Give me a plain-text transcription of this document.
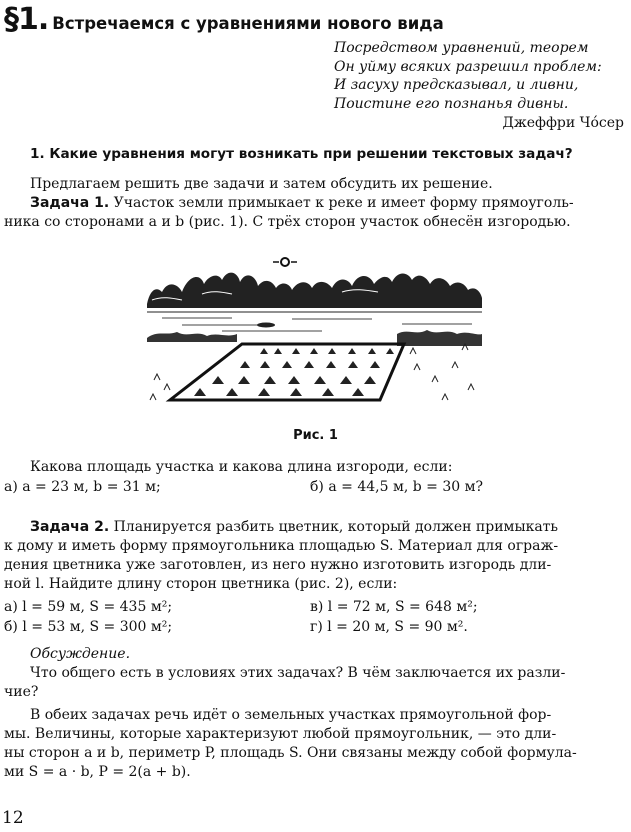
§1. Встречаемся с уравнениями нового вида
Посредством уравнений, теорем
Он уйму всяких разрешил проблем:
И засуху предсказывал, и ливни,
Поистине его познанья дивны.
Джеффри Чóсер
1. Какие уравнения могут возникать при решении текстовых задач?
Предлагаем решить две задачи и затем обсудить их решение.
Задача 1. Участок земли примыкает к реке и имеет форму прямоуголь-
ника со сторонами a и b (рис. 1). С трёх сторон участок обнесён изгородью.
Рис. 1
Какова площадь участка и какова длина изгороди, если:
а) a = 23 м, b = 31 м;	б) a = 44,5 м, b = 30 м?
Задача 2. Планируется разбить цветник, который должен примыкать
к дому и иметь форму прямоугольника площадью S. Материал для ограж-
дения цветника уже заготовлен, из него нужно изготовить изгородь дли-
ной l. Найдите длину сторон цветника (рис. 2), если:
а) l = 59 м, S = 435 м²;	в) l = 72 м, S = 648 м²;
б) l = 53 м, S = 300 м²;	г) l = 20 м, S = 90 м².
Обсуждение.
Что общего есть в условиях этих задачах? В чём заключается их разли-
чие?
В обеих задачах речь идёт о земельных участках прямоугольной фор-
мы. Величины, которые характеризуют любой прямоугольник, — это дли-
ны сторон a и b, периметр P, площадь S. Они связаны между собой формула-
ми S = a · b, P = 2(a + b).
12
